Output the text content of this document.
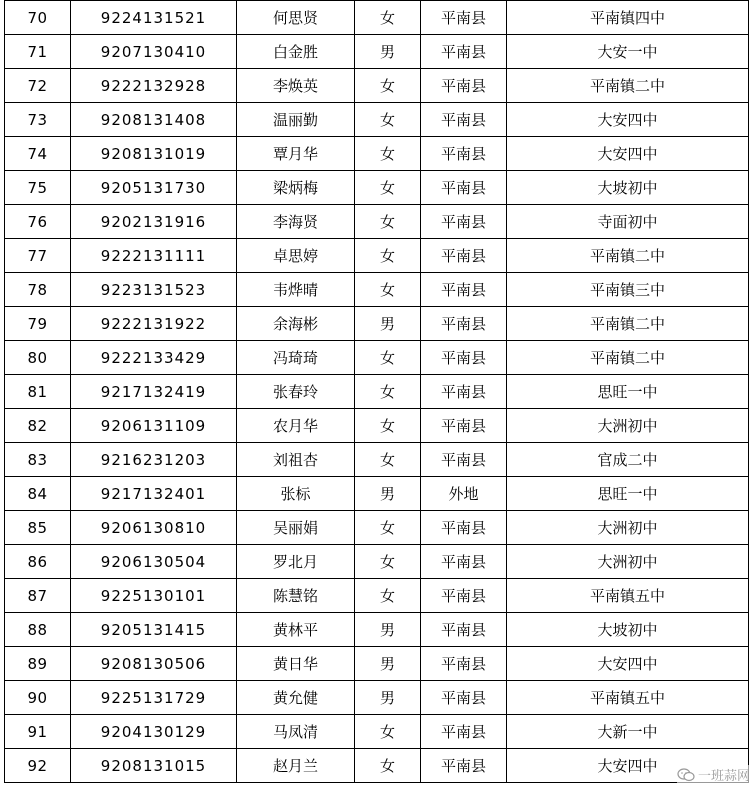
70	9224131521	何思贤	女	平南县	平南镇四中
71	9207130410	白金胜	男	平南县	大安一中
72	9222132928	李焕英	女	平南县	平南镇二中
73	9208131408	温丽勤	女	平南县	大安四中
74	9208131019	覃月华	女	平南县	大安四中
75	9205131730	梁炳梅	女	平南县	大坡初中
76	9202131916	李海贤	女	平南县	寺面初中
77	9222131111	卓思婷	女	平南县	平南镇二中
78	9223131523	韦烨晴	女	平南县	平南镇三中
79	9222131922	余海彬	男	平南县	平南镇二中
80	9222133429	冯琦琦	女	平南县	平南镇二中
81	9217132419	张春玲	女	平南县	思旺一中
82	9206131109	农月华	女	平南县	大洲初中
83	9216231203	刘祖杏	女	平南县	官成二中
84	9217132401	张标	男	外地	思旺一中
85	9206130810	吴丽娟	女	平南县	大洲初中
86	9206130504	罗北月	女	平南县	大洲初中
87	9225130101	陈慧铭	女	平南县	平南镇五中
88	9205131415	黄林平	男	平南县	大坡初中
89	9208130506	黄日华	男	平南县	大安四中
90	9225131729	黄允健	男	平南县	平南镇五中
91	9204130129	马凤清	女	平南县	大新一中
92	9208131015	赵月兰	女	平南县	大安四中
一班蒜网
